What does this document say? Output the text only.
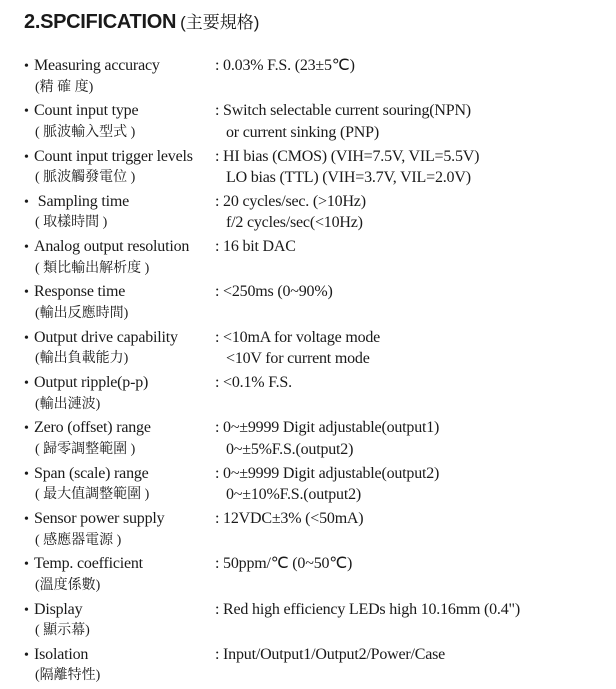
2.SPCIFICATION (主要規格)
• Measuring accuracy	: 0.03% F.S. (23±5℃)
(精 確 度)
• Count input type	: Switch selectable current souring(NPN)
( 脈波輸入型式 )	or current sinking (PNP)
• Count input trigger levels : HI bias (CMOS) (VIH=7.5V, VIL=5.5V)
( 脈波觸發電位 )	LO bias (TTL) (VIH=3.7V, VIL=2.0V)
• Sampling time	: 20 cycles/sec. (>10Hz)
( 取樣時間 )	f/2 cycles/sec(<10Hz)
• Analog output resolution : 16 bit DAC
( 類比輸出解析度 )
• Response time	: <250ms (0~90%)
(輸出反應時間)
• Output drive capability : <10mA for voltage mode
(輸出負載能力)	<10V for current mode
• Output ripple(p-p)	: <0.1% F.S.
(輸出漣波)
• Zero (offset) range	: 0~±9999 Digit adjustable(output1)
( 歸零調整範圍 )	0~±5%F.S.(output2)
• Span (scale) range	: 0~±9999 Digit adjustable(output2)
( 最大值調整範圍 )	0~±10%F.S.(output2)
• Sensor power supply	: 12VDC±3% (<50mA)
( 感應器電源 )
• Temp. coefficient	: 50ppm/℃ (0~50℃)
(溫度係數)
• Display	: Red high efficiency LEDs high 10.16mm (0.4")
( 顯示幕)
• Isolation	: Input/Output1/Output2/Power/Case
(隔離特性)
